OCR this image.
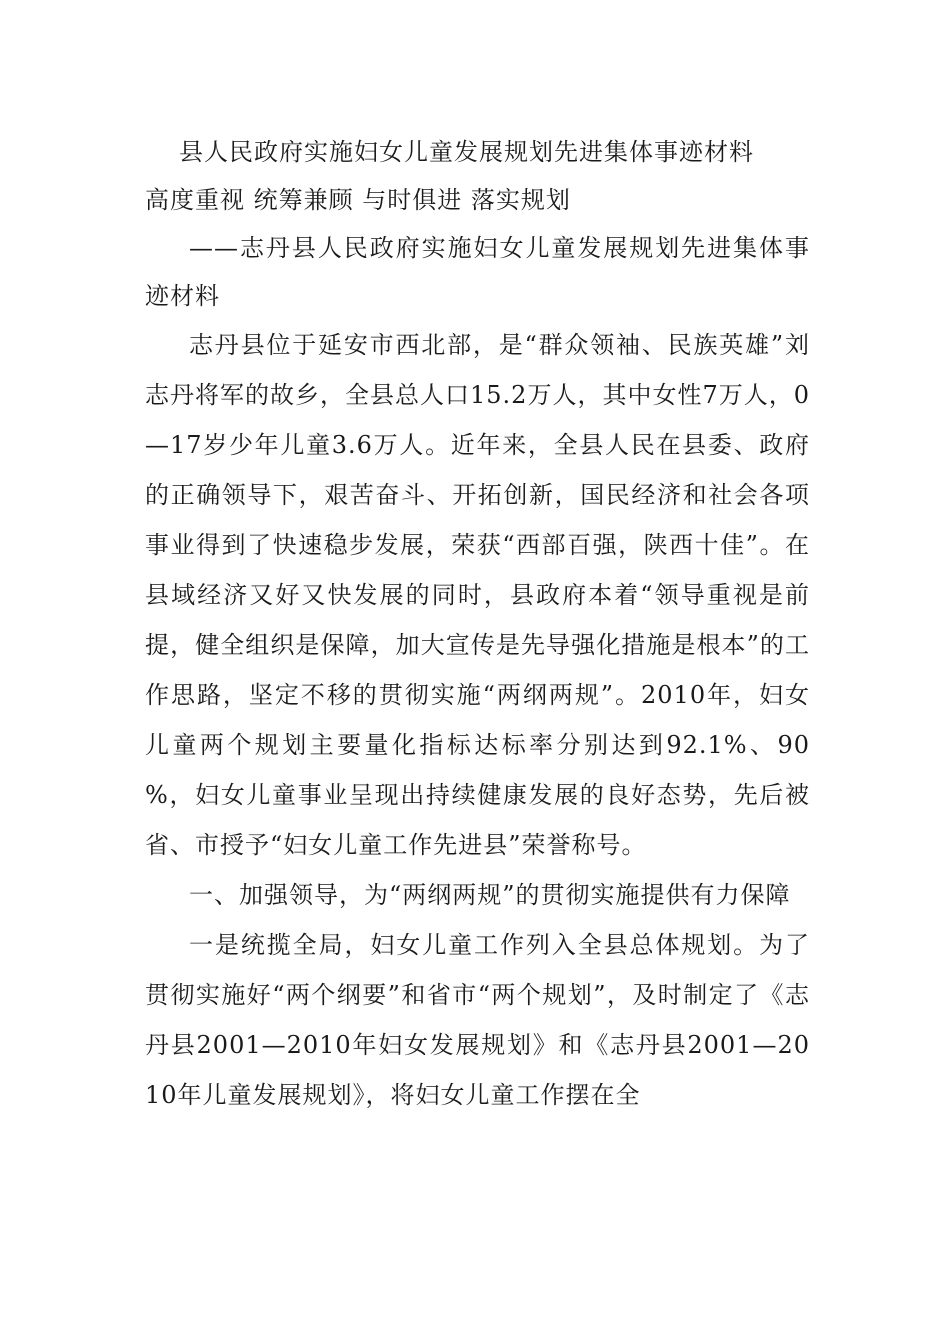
县人民政府实施妇女儿童发展规划先进集体事迹材料

高度重视 统筹兼顾 与时俱进 落实规划

——志丹县人民政府实施妇女儿童发展规划先进集体事迹材料

志丹县位于延安市西北部，是“群众领袖、民族英雄”刘志丹将军的故乡，全县总人口15.2万人，其中女性7万人，0—17岁少年儿童3.6万人。近年来，全县人民在县委、政府的正确领导下，艰苦奋斗、开拓创新，国民经济和社会各项事业得到了快速稳步发展，荣获“西部百强，陕西十佳”。在县域经济又好又快发展的同时，县政府本着“领导重视是前提，健全组织是保障，加大宣传是先导强化措施是根本”的工作思路，坚定不移的贯彻实施“两纲两规”。2010年，妇女儿童两个规划主要量化指标达标率分别达到92.1%、90 %，妇女儿童事业呈现出持续健康发展的良好态势，先后被省、市授予“妇女儿童工作先进县”荣誉称号。

一、加强领导，为“两纲两规”的贯彻实施提供有力保障

一是统揽全局，妇女儿童工作列入全县总体规划。为了贯彻实施好“两个纲要”和省市“两个规划”，及时制定了《志丹县2001—2010年妇女发展规划》和《志丹县2001—2010年儿童发展规划》，将妇女儿童工作摆在全
